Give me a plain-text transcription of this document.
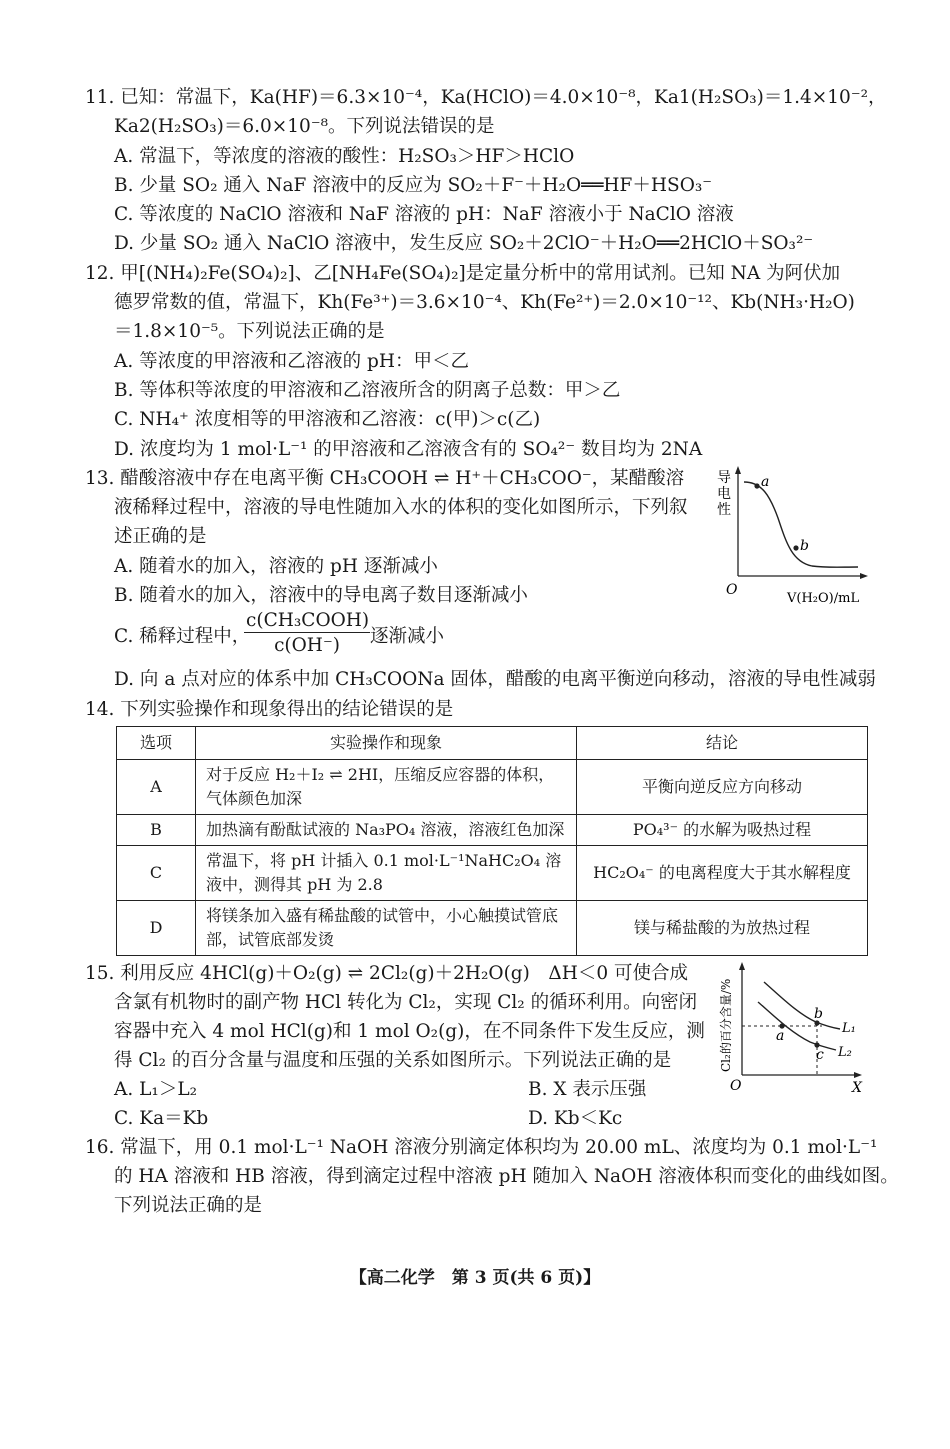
11. 已知：常温下，Ka(HF)＝6.3×10⁻⁴，Ka(HClO)＝4.0×10⁻⁸，Ka1(H₂SO₃)＝1.4×10⁻²，
Ka2(H₂SO₃)＝6.0×10⁻⁸。下列说法错误的是
A. 常温下，等浓度的溶液的酸性：H₂SO₃＞HF＞HClO
B. 少量 SO₂ 通入 NaF 溶液中的反应为 SO₂＋F⁻＋H₂O══HF＋HSO₃⁻
C. 等浓度的 NaClO 溶液和 NaF 溶液的 pH：NaF 溶液小于 NaClO 溶液
D. 少量 SO₂ 通入 NaClO 溶液中，发生反应 SO₂＋2ClO⁻＋H₂O══2HClO＋SO₃²⁻
12. 甲[(NH₄)₂Fe(SO₄)₂]、乙[NH₄Fe(SO₄)₂]是定量分析中的常用试剂。已知 NA 为阿伏加
德罗常数的值，常温下，Kh(Fe³⁺)＝3.6×10⁻⁴、Kh(Fe²⁺)＝2.0×10⁻¹²、Kb(NH₃·H₂O)
＝1.8×10⁻⁵。下列说法正确的是
A. 等浓度的甲溶液和乙溶液的 pH：甲＜乙
B. 等体积等浓度的甲溶液和乙溶液所含的阴离子总数：甲＞乙
C. NH₄⁺ 浓度相等的甲溶液和乙溶液：c(甲)＞c(乙)
D. 浓度均为 1 mol·L⁻¹ 的甲溶液和乙溶液含有的 SO₄²⁻ 数目均为 2NA
13. 醋酸溶液中存在电离平衡 CH₃COOH ⇌ H⁺＋CH₃COO⁻，某醋酸溶
液稀释过程中，溶液的导电性随加入水的体积的变化如图所示，下列叙
述正确的是
A. 随着水的加入，溶液的 pH 逐渐减小
B. 随着水的加入，溶液中的导电离子数目逐渐减小
C. 稀释过程中，
c(CH₃COOH)
c(OH⁻)	逐渐减小
D. 向 a 点对应的体系中加 CH₃COONa 固体，醋酸的电离平衡逆向移动，溶液的导电性减弱
a
b
导
电
性
O
V(H₂O)/mL
14. 下列实验操作和现象得出的结论错误的是
选项	实验操作和现象	结论
A	对于反应 H₂＋I₂ ⇌ 2HI，压缩反应容器的体积，
气体颜色加深	平衡向逆反应方向移动
B	加热滴有酚酞试液的 Na₃PO₄ 溶液，溶液红色加深	PO₄³⁻ 的水解为吸热过程
C	常温下，将 pH 计插入 0.1 mol·L⁻¹NaHC₂O₄ 溶
液中，测得其 pH 为 2.8	HC₂O₄⁻ 的电离程度大于其水解程度
D	将镁条加入盛有稀盐酸的试管中，小心触摸试管底
部，试管底部发烫	镁与稀盐酸的为放热过程
15. 利用反应 4HCl(g)＋O₂(g) ⇌ 2Cl₂(g)＋2H₂O(g)　ΔH＜0 可使合成
含氯有机物时的副产物 HCl 转化为 Cl₂，实现 Cl₂ 的循环利用。向密闭
容器中充入 4 mol HCl(g)和 1 mol O₂(g)，在不同条件下发生反应，测
得 Cl₂ 的百分含量与温度和压强的关系如图所示。下列说法正确的是
A. L₁＞L₂	B. X 表示压强
C. Ka＝Kb	D. Kb＜Kc
a
b
c
L₁
L₂
Cl₂的百分含量/%
O	X
16. 常温下，用 0.1 mol·L⁻¹ NaOH 溶液分别滴定体积均为 20.00 mL、浓度均为 0.1 mol·L⁻¹
的 HA 溶液和 HB 溶液，得到滴定过程中溶液 pH 随加入 NaOH 溶液体积而变化的曲线如图。
下列说法正确的是
【高二化学　第 3 页(共 6 页)】
